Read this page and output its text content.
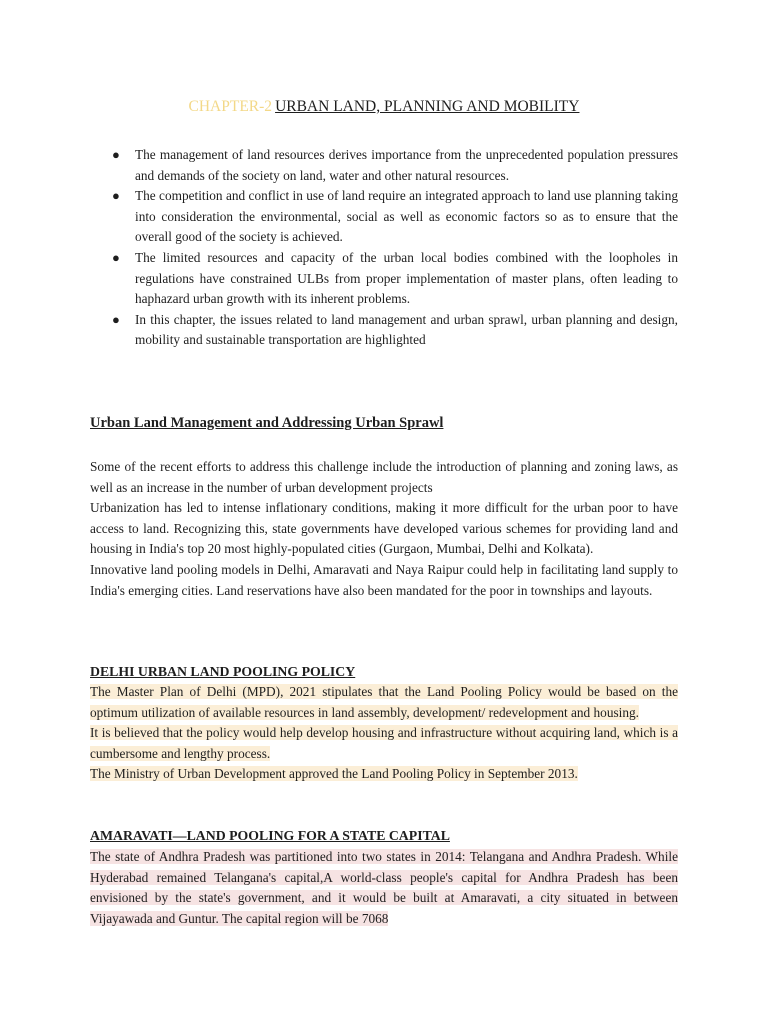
CHAPTER-2 URBAN LAND, PLANNING AND MOBILITY
● The management of land resources derives importance from the unprecedented population pressures and demands of the society on land, water and other natural resources.
● The competition and conflict in use of land require an integrated approach to land use planning taking into consideration the environmental, social as well as economic factors so as to ensure that the overall good of the society is achieved.
● The limited resources and capacity of the urban local bodies combined with the loopholes in regulations have constrained ULBs from proper implementation of master plans, often leading to haphazard urban growth with its inherent problems.
● In this chapter, the issues related to land management and urban sprawl, urban planning and design, mobility and sustainable transportation are highlighted
Urban Land Management and Addressing Urban Sprawl

Some of the recent efforts to address this challenge include the introduction of planning and zoning laws, as well as an increase in the number of urban development projects

Urbanization has led to intense inflationary conditions, making it more difficult for the urban poor to have access to land. Recognizing this, state governments have developed various schemes for providing land and housing in India's top 20 most highly-populated cities (Gurgaon, Mumbai, Delhi and Kolkata).

Innovative land pooling models in Delhi, Amaravati and Naya Raipur could help in facilitating land supply to India's emerging cities. Land reservations have also been mandated for the poor in townships and layouts.

DELHI URBAN LAND POOLING POLICY

The Master Plan of Delhi (MPD), 2021 stipulates that the Land Pooling Policy would be based on the optimum utilization of available resources in land assembly, development/ redevelopment and housing.

It is believed that the policy would help develop housing and infrastructure without acquiring land, which is a cumbersome and lengthy process.

The Ministry of Urban Development approved the Land Pooling Policy in September 2013.

AMARAVATI—LAND POOLING FOR A STATE CAPITAL

The state of Andhra Pradesh was partitioned into two states in 2014: Telangana and Andhra Pradesh. While Hyderabad remained Telangana's capital,A world-class people's capital for Andhra Pradesh has been envisioned by the state's government, and it would be built at Amaravati, a city situated in between Vijayawada and Guntur. The capital region will be 7068
